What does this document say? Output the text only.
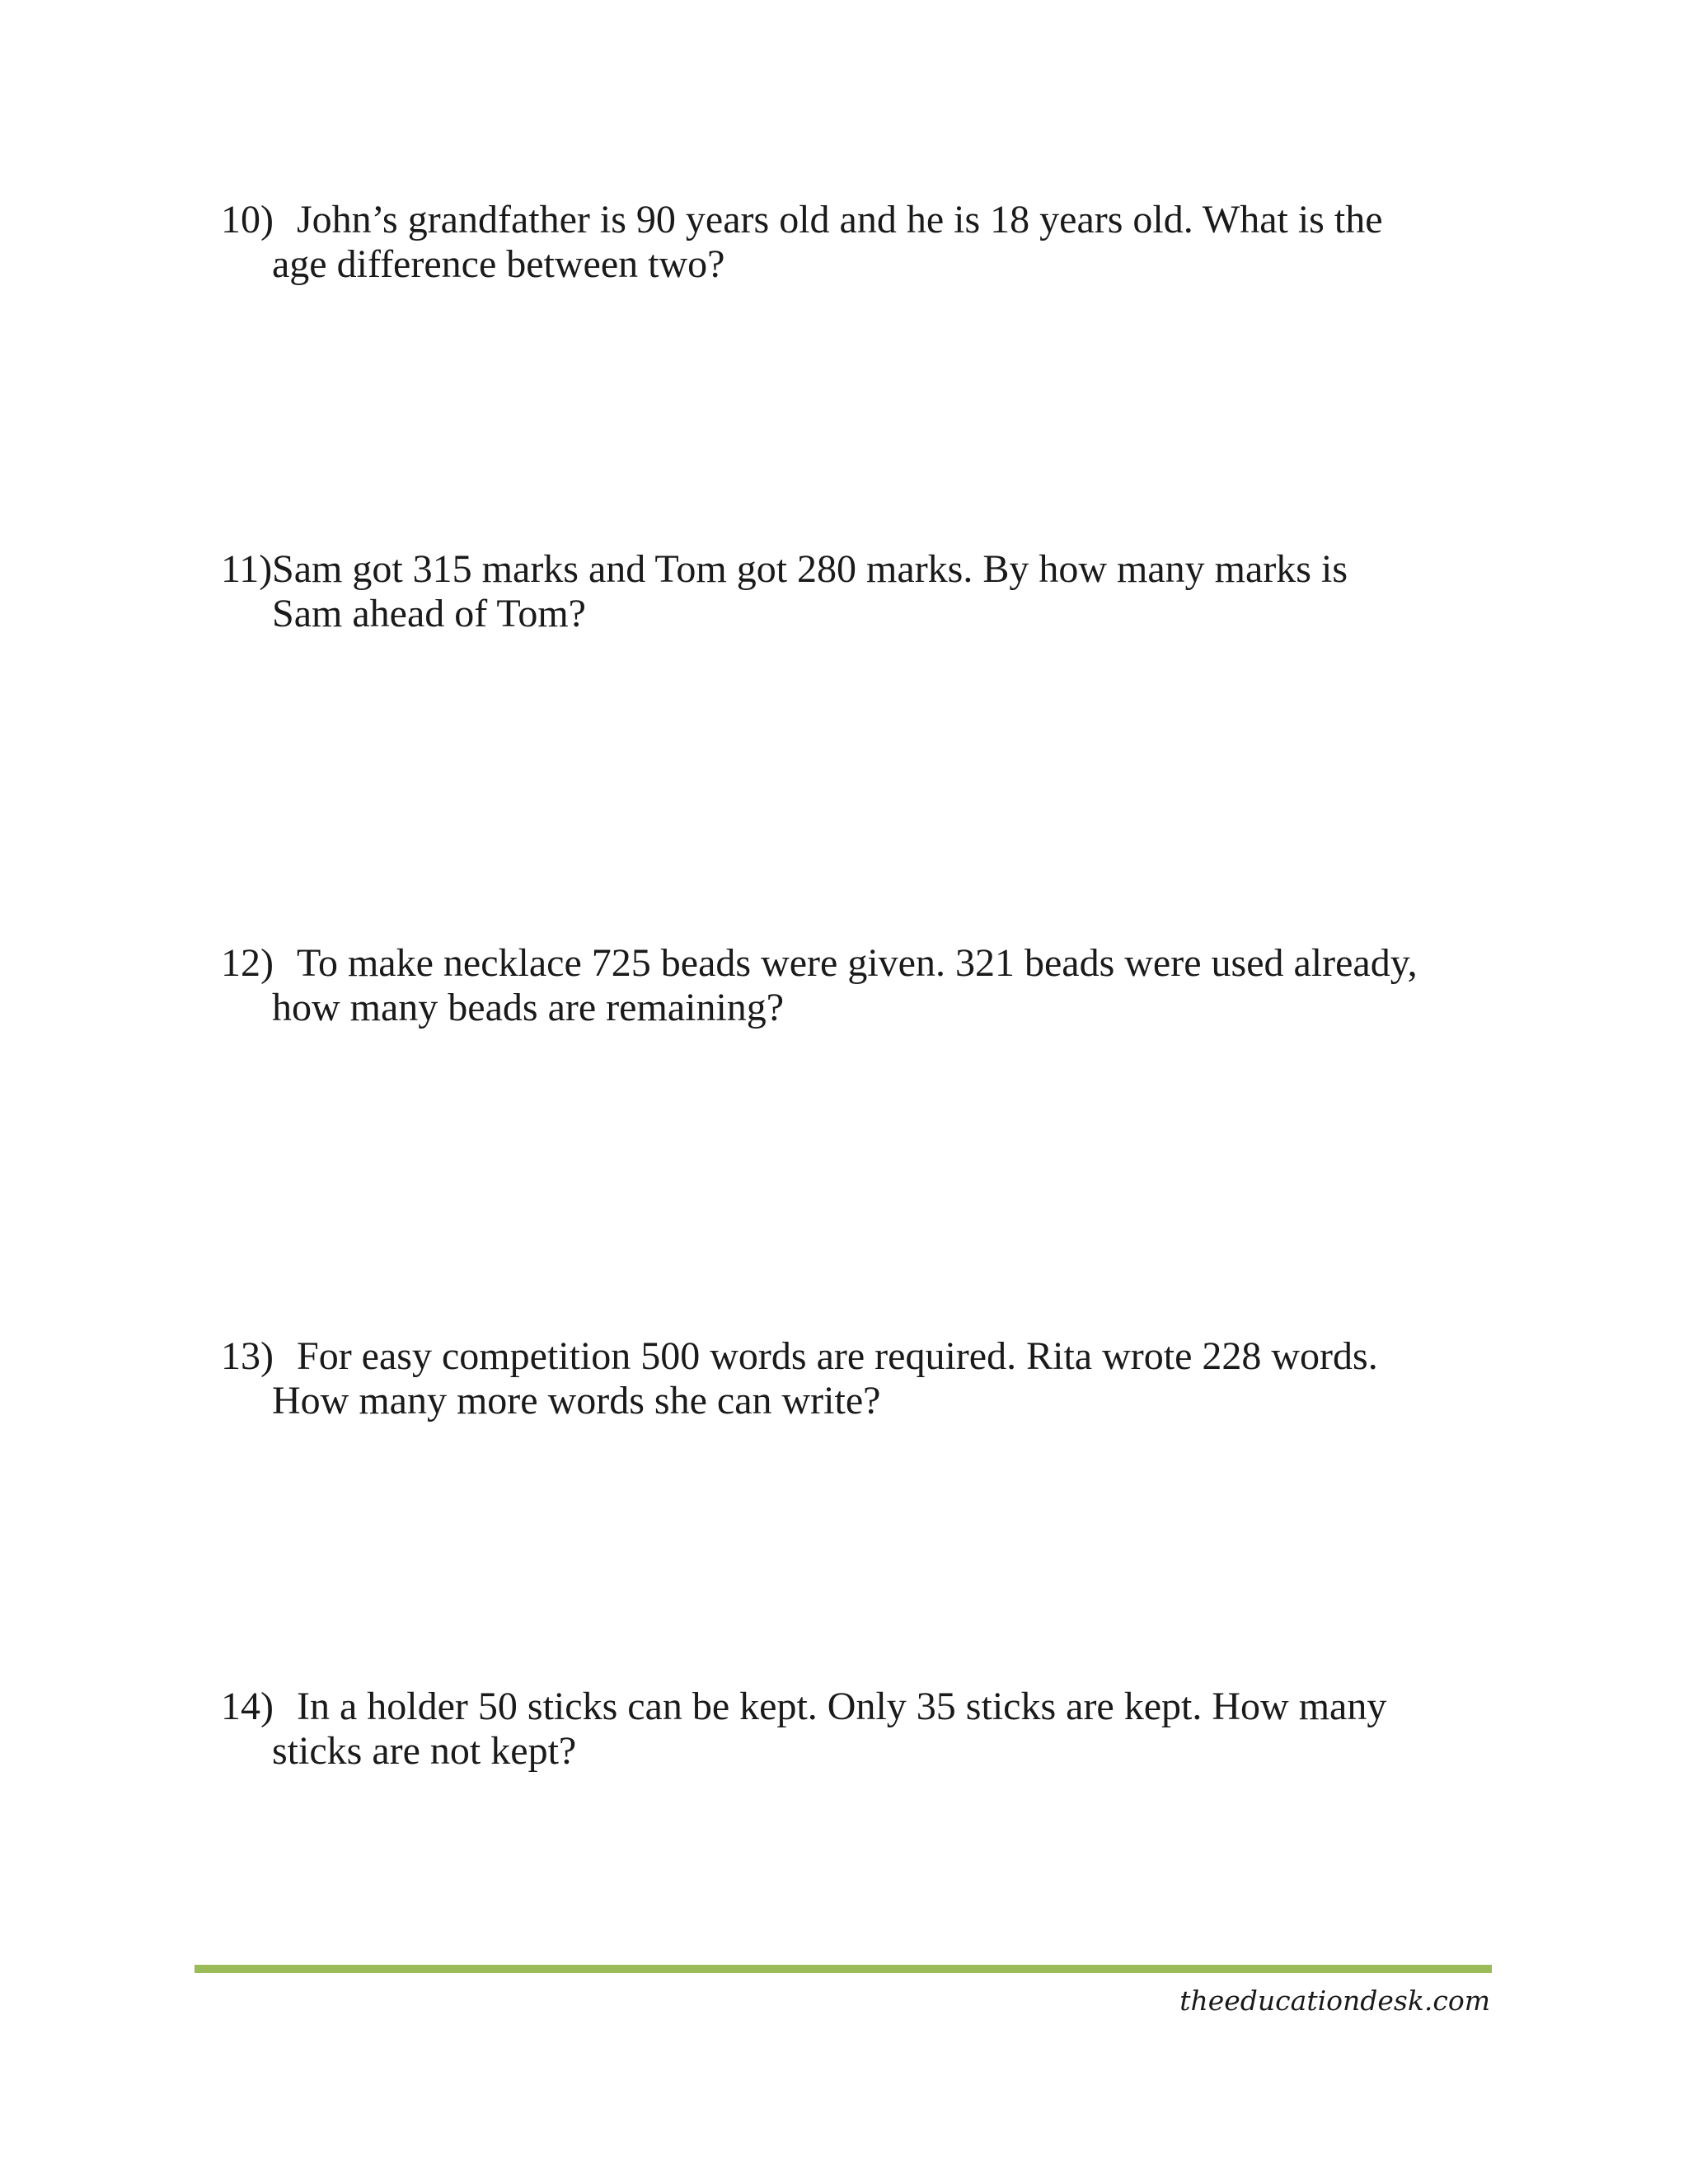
10) John’s grandfather is 90 years old and he is 18 years old. What is the
age difference between two?
11) Sam got 315 marks and Tom got 280 marks. By how many marks is
Sam ahead of Tom?
12) To make necklace 725 beads were given. 321 beads were used already,
how many beads are remaining?
13) For easy competition 500 words are required. Rita wrote 228 words.
How many more words she can write?
14) In a holder 50 sticks can be kept. Only 35 sticks are kept. How many
sticks are not kept?
theeducationdesk.com
